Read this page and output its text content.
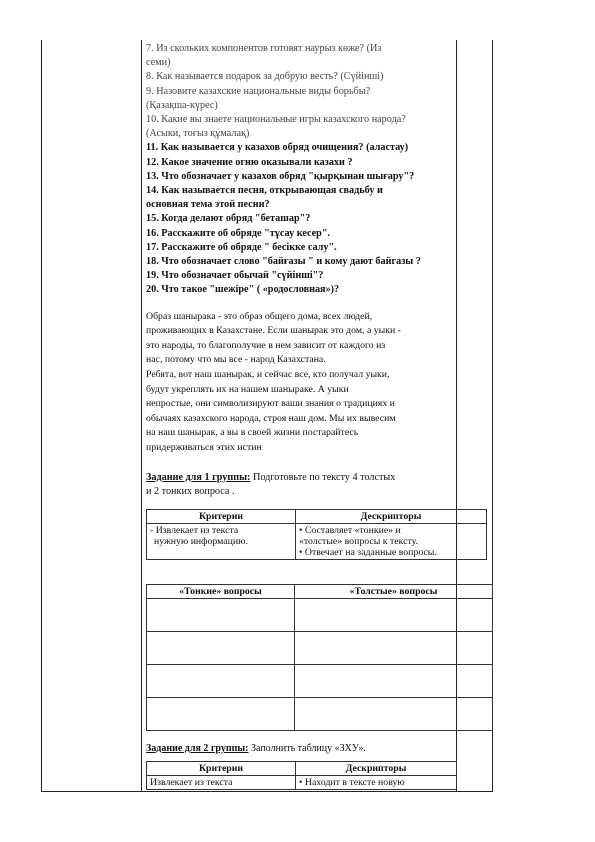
7. Из скольких компонентов готовят наурыз көже? (Из
семи)
8. Как называется подарок за добрую весть? (Сүйінші)
9. Назовите казахские национальные виды борьбы?
(Қазақша-күрес)
10. Какие вы знаете национальные игры казахского народа?
(Асыки, тоғыз құмалақ)
11. Как называется у казахов обряд очищения? (аластау)
12. Какое значение огню оказывали казахи ?
13. Что обозначает у казахов обряд "қырқынан шығару"?
14. Как называется песня, открывающая свадьбу и
основная тема этой песни?
15. Когда делают обряд "беташар"?
16. Расскажите об обряде "тұсау кесер".
17. Расскажите об обряде " бесікке салу".
18. Что обозначает слово "байғазы " и кому дают байгазы ?
19. Что обозначает обычай "сүйінші"?
20. Что такое "шежіре" ( «родословная»)?
Образ шанырака - это образ общего дома, всех людей,
проживающих в Казахстане. Если шанырак это дом, а уыки -
это народы, то благополучие в нем зависит от каждого из
нас, потому что мы все - народ Казахстана.
Ребята, вот наш шанырак, и сейчас все, кто получал уыки,
будут укреплять их на нашем шаныраке. А уыки
непростые, они символизируют ваши знания о традициях и
обычаях казахского народа, строя наш дом. Мы их вывесим
на наш шанырак, а вы в своей жизни постарайтесь
придерживаться этих истин
Задание для 1 группы: Подготовьте по тексту 4 толстых
и 2 тонких вопроса .
Критерии	Дескрипторы

- Извлекает из текста
нужную информацию.	• Составляет «тонкие» и
«толстые» вопросы к тексту.
• Отвечает на заданные вопросы.
«Тонкие» вопросы	«Толстые» вопросы

Задание для 2 группы: Заполнить таблицу «ЗХУ».
Критерии	Дескрипторы
Извлекает из текста	• Находит в тексте новую
